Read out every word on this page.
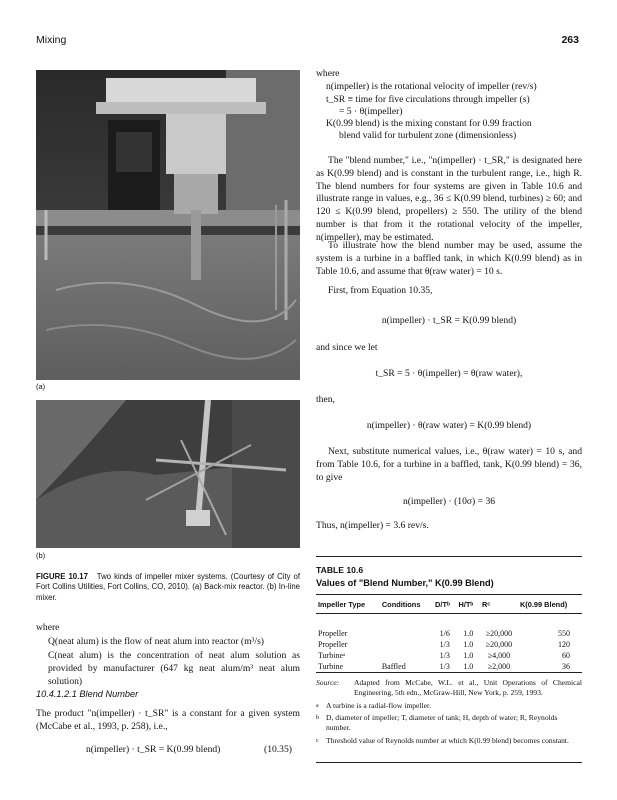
Mixing	263
(a)
(b)
FIGURE 10.17 Two kinds of impeller mixer systems. (Courtesy of City of Fort Collins Utilities, Fort Collins, CO, 2010). (a) Back-mix reactor. (b) In-line mixer.
where
Q(neat alum) is the flow of neat alum into reactor (m³/s)
C(neat alum) is the concentration of neat alum solution as provided by manufacturer (647 kg neat alum/m³ neat alum solution)
10.4.1.2.1 Blend Number
The product "n(impeller) · t_SR" is a constant for a given system (McCabe et al., 1993, p. 258), i.e.,
n(impeller) · t_SR = K(0.99 blend)	(10.35)
where
n(impeller) is the rotational velocity of impeller (rev/s)
t_SR ≡ time for five circulations through impeller (s)
= 5 · θ(impeller)
K(0.99 blend) is the mixing constant for 0.99 fraction
blend valid for turbulent zone (dimensionless)
The "blend number," i.e., "n(impeller) · t_SR," is designated here as K(0.99 blend) and is constant in the turbulent range, i.e., high R. The blend numbers for four systems are given in Table 10.6 and illustrate range in values, e.g., 36 ≤ K(0.99 blend, turbines) ≥ 60; and 120 ≤ K(0.99 blend, propellers) ≥ 550. The utility of the blend number is that from it the rotational velocity of the impeller, n(impeller), may be estimated.
To illustrate how the blend number may be used, assume the system is a turbine in a baffled tank, in which K(0.99 blend) as in Table 10.6, and assume that θ(raw water) = 10 s.
First, from Equation 10.35,
n(impeller) · t_SR = K(0.99 blend)
and since we let
t_SR = 5 · θ(impeller) = θ(raw water),
then,
n(impeller) · θ(raw water) = K(0.99 blend)
Next, substitute numerical values, i.e., θ(raw water) = 10 s, and from Table 10.6, for a turbine in a baffled, tank, K(0.99 blend) = 36, to give
n(impeller) · (10σ) = 36
Thus, n(impeller) = 3.6 rev/s.
TABLE 10.6
Values of "Blend Number," K(0.99 Blend)
Impeller Type	Conditions	D/Tᵇ	H/Tᵇ	Rᶜ	K(0.99 Blend)

Propeller		1/6	1.0	≥20,000	550
Propeller		1/3	1.0	≥20,000	120
Turbineᵃ		1/3	1.0	≥4,000	60
Turbine	Baffled	1/3	1.0	≥2,000	36
Source:	Adapted from McCabe, W.L. et al., Unit Operations of Chemical Engineering, 5th edn., McGraw-Hill, New York, p. 259, 1993.
a A turbine is a radial-flow impeller.
b D, diameter of impeller; T, diameter of tank; H, depth of water; R, Reynolds number.
c Threshold value of Reynolds number at which K(0.99 blend) becomes constant.
